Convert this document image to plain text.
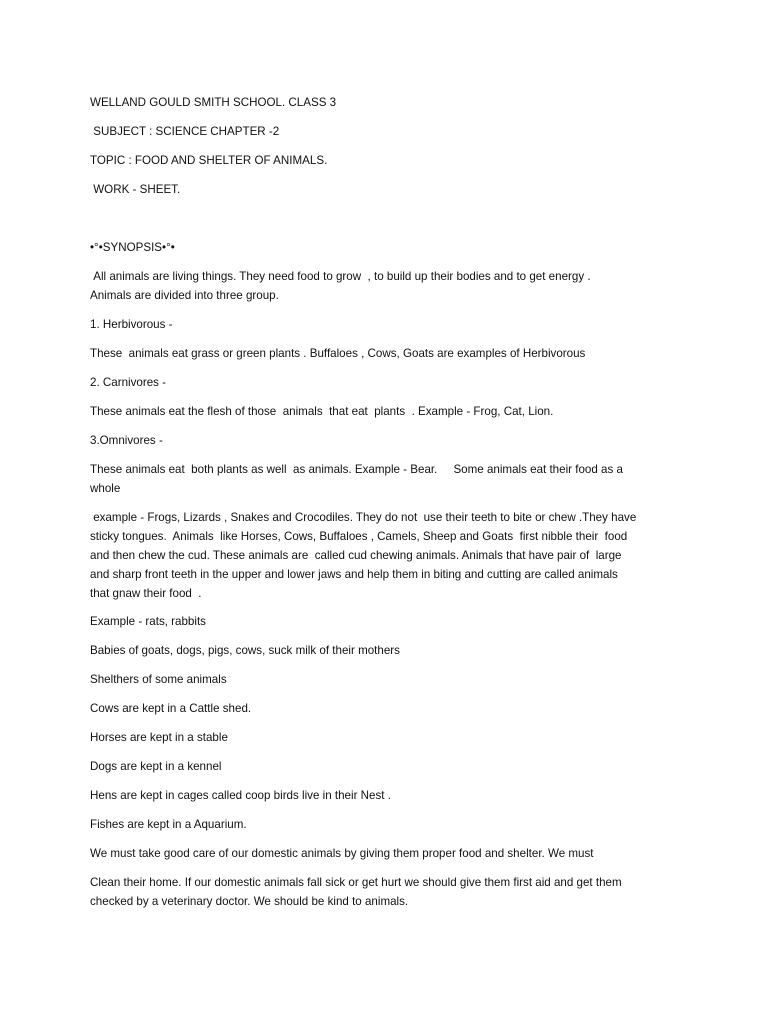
WELLAND GOULD SMITH SCHOOL. CLASS 3

SUBJECT : SCIENCE CHAPTER -2

TOPIC : FOOD AND SHELTER OF ANIMALS.

WORK - SHEET.

•°•SYNOPSIS•°•

All animals are living things. They need food to grow  , to build up their bodies and to get energy .
Animals are divided into three group.

1. Herbivorous -

These  animals eat grass or green plants . Buffaloes , Cows, Goats are examples of Herbivorous

2. Carnivores -

These animals eat the flesh of those  animals  that eat  plants  . Example - Frog, Cat, Lion.

3.Omnivores -

These animals eat  both plants as well  as animals. Example - Bear.     Some animals eat their food as a
whole

example - Frogs, Lizards , Snakes and Crocodiles. They do not  use their teeth to bite or chew .They have
sticky tongues.  Animals  like Horses, Cows, Buffaloes , Camels, Sheep and Goats  first nibble their  food
and then chew the cud. These animals are  called cud chewing animals. Animals that have pair of  large
and sharp front teeth in the upper and lower jaws and help them in biting and cutting are called animals
that gnaw their food  .

Example - rats, rabbits

Babies of goats, dogs, pigs, cows, suck milk of their mothers

Shelthers of some animals

Cows are kept in a Cattle shed.

Horses are kept in a stable

Dogs are kept in a kennel

Hens are kept in cages called coop birds live in their Nest .

Fishes are kept in a Aquarium.

We must take good care of our domestic animals by giving them proper food and shelter. We must

Clean their home. If our domestic animals fall sick or get hurt we should give them first aid and get them
checked by a veterinary doctor. We should be kind to animals.
